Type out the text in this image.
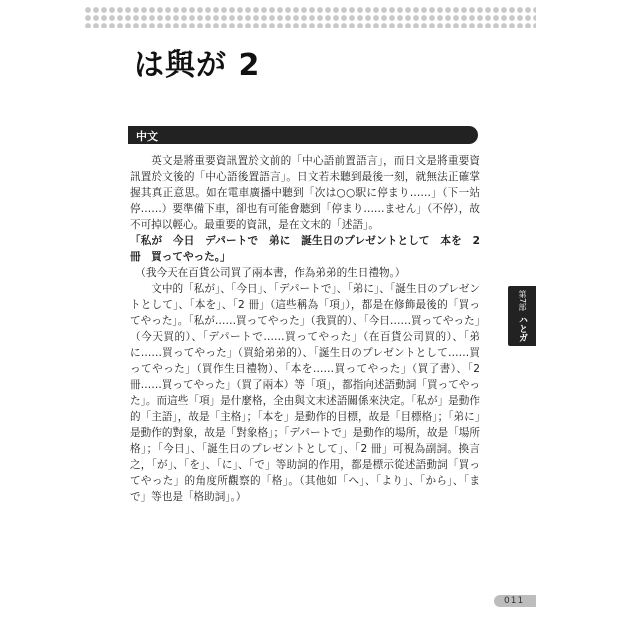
は與が 2
中文

英文是將重要資訊置於文前的「中心語前置語言」，而日文是將重要資訊置於文後的「中心語後置語言」。日文若未聽到最後一刻，就無法正確掌握其真正意思。如在電車廣播中聽到「次は○○駅に停まり……」（下一站停……）要準備下車，卻也有可能會聽到「停まり……ません」（不停），故不可掉以輕心。最重要的資訊，是在文末的「述語」。

「私が　今日　デパートで　弟に　誕生日のプレゼントとして　本を　2 冊　買ってやった。」

（我今天在百貨公司買了兩本書，作為弟弟的生日禮物。）

文中的「私が」、「今日」、「デパートで」、「弟に」、「誕生日のプレゼントとして」、「本を」、「2 冊」（這些稱為「項」），都是在修飾最後的「買ってやった」。「私が……買ってやった」（我買的）、「今日……買ってやった」（今天買的）、「デパートで……買ってやった」（在百貨公司買的）、「弟に……買ってやった」（買給弟弟的）、「誕生日のプレゼントとして……買ってやった」（買作生日禮物）、「本を……買ってやった」（買了書）、「2 冊……買ってやった」（買了兩本）等「項」，都指向述語動詞「買ってやった」。而這些「項」是什麼格，全由與文末述語關係來決定。「私が」是動作的「主語」，故是「主格」；「本を」是動作的目標，故是「目標格」；「弟に」是動作的對象，故是「對象格」；「デパートで」是動作的場所，故是「場所格」；「今日」、「誕生日のプレゼントとして」、「2 冊」可視為副詞。換言之，「が」、「を」、「に」、「で」等助詞的作用，都是標示從述語動詞「買ってやった」的角度所觀察的「格」。（其他如「へ」、「より」、「から」、「まで」等也是「格助詞」。）

第7部
ハとガ
011
